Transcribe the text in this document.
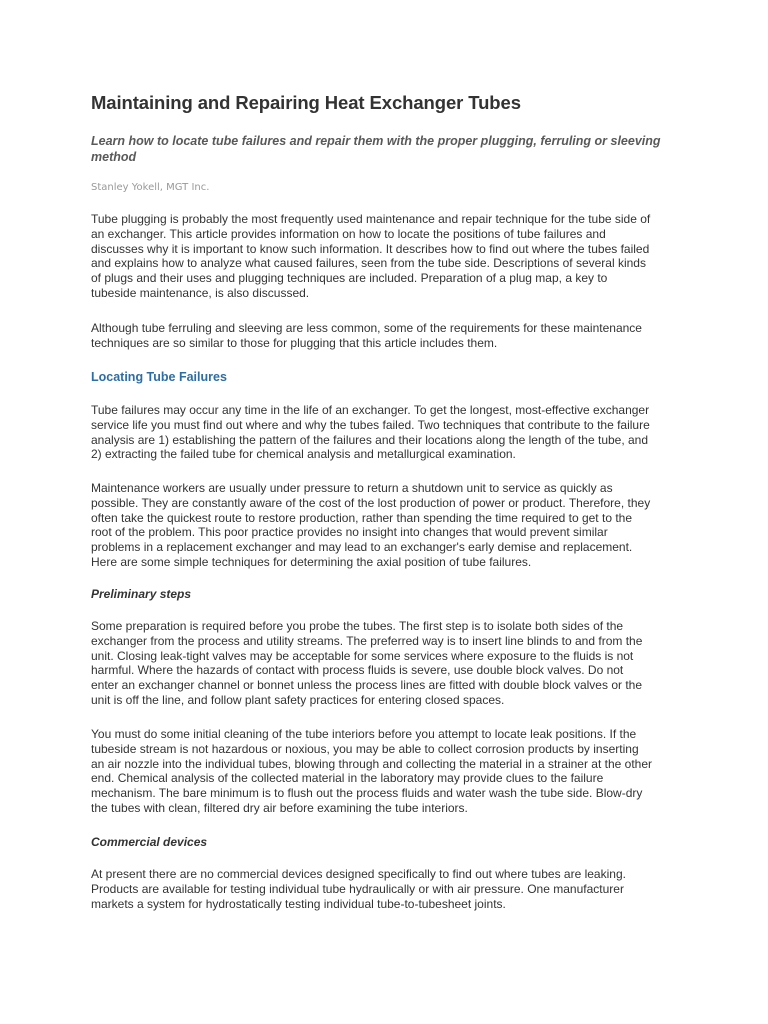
Maintaining and Repairing Heat Exchanger Tubes

Learn how to locate tube failures and repair them with the proper plugging, ferruling or sleeving method

Stanley Yokell, MGT Inc.

Tube plugging is probably the most frequently used maintenance and repair technique for the tube side of
an exchanger. This article provides information on how to locate the positions of tube failures and
discusses why it is important to know such information. It describes how to find out where the tubes failed
and explains how to analyze what caused failures, seen from the tube side. Descriptions of several kinds
of plugs and their uses and plugging techniques are included. Preparation of a plug map, a key to
tubeside maintenance, is also discussed.
Although tube ferruling and sleeving are less common, some of the requirements for these maintenance
techniques are so similar to those for plugging that this article includes them.
Locating Tube Failures
Tube failures may occur any time in the life of an exchanger. To get the longest, most-effective exchanger
service life you must find out where and why the tubes failed. Two techniques that contribute to the failure
analysis are 1) establishing the pattern of the failures and their locations along the length of the tube, and
2) extracting the failed tube for chemical analysis and metallurgical examination.
Maintenance workers are usually under pressure to return a shutdown unit to service as quickly as
possible. They are constantly aware of the cost of the lost production of power or product. Therefore, they
often take the quickest route to restore production, rather than spending the time required to get to the
root of the problem. This poor practice provides no insight into changes that would prevent similar
problems in a replacement exchanger and may lead to an exchanger's early demise and replacement.
Here are some simple techniques for determining the axial position of tube failures.
Preliminary steps
Some preparation is required before you probe the tubes. The first step is to isolate both sides of the
exchanger from the process and utility streams. The preferred way is to insert line blinds to and from the
unit. Closing leak-tight valves may be acceptable for some services where exposure to the fluids is not
harmful. Where the hazards of contact with process fluids is severe, use double block valves. Do not
enter an exchanger channel or bonnet unless the process lines are fitted with double block valves or the
unit is off the line, and follow plant safety practices for entering closed spaces.
You must do some initial cleaning of the tube interiors before you attempt to locate leak positions. If the
tubeside stream is not hazardous or noxious, you may be able to collect corrosion products by inserting
an air nozzle into the individual tubes, blowing through and collecting the material in a strainer at the other
end. Chemical analysis of the collected material in the laboratory may provide clues to the failure
mechanism. The bare minimum is to flush out the process fluids and water wash the tube side. Blow-dry
the tubes with clean, filtered dry air before examining the tube interiors.
Commercial devices
At present there are no commercial devices designed specifically to find out where tubes are leaking.
Products are available for testing individual tube hydraulically or with air pressure. One manufacturer
markets a system for hydrostatically testing individual tube-to-tubesheet joints.
